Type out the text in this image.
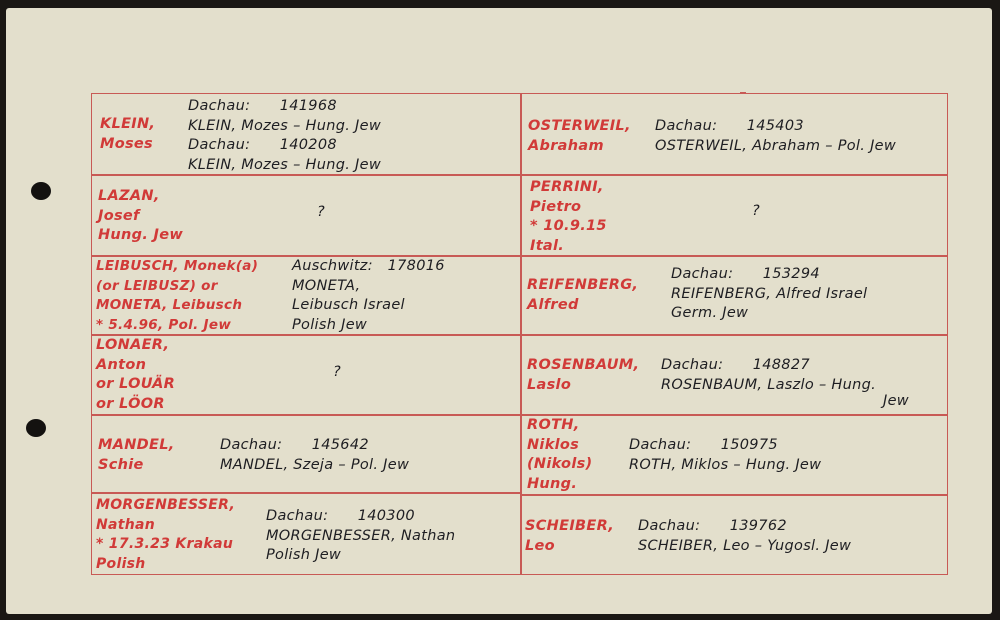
KLEIN,
Moses
Dachau:      141968
KLEIN, Mozes – Hung. Jew
Dachau:      140208
KLEIN, Mozes – Hung. Jew
LAZAN,
Josef
Hung. Jew
?
LEIBUSCH, Monek(a)
(or LEIBUSZ) or
MONETA, Leibusch
* 5.4.96, Pol. Jew
Auschwitz:   178016
MONETA,
Leibusch Israel
Polish Jew
LONAER,
Anton
or LOUÄR
or LÖOR
?
MANDEL,
Schie
Dachau:      145642
MANDEL, Szeja – Pol. Jew
MORGENBESSER,
Nathan
* 17.3.23 Krakau
Polish
Dachau:      140300
MORGENBESSER, Nathan
Polish Jew
OSTERWEIL,
Abraham
Dachau:      145403
OSTERWEIL, Abraham – Pol. Jew
PERRINI,
Pietro
* 10.9.15
Ital.
?
REIFENBERG,
Alfred
Dachau:      153294
REIFENBERG, Alfred Israel
Germ. Jew
ROSENBAUM,
Laslo
Dachau:      148827
ROSENBAUM, Laszlo – Hung.
Jew
ROTH,
Niklos
(Nikols)
Hung.
Dachau:      150975
ROTH, Miklos – Hung. Jew
SCHEIBER,
Leo
Dachau:      139762
SCHEIBER, Leo – Yugosl. Jew
